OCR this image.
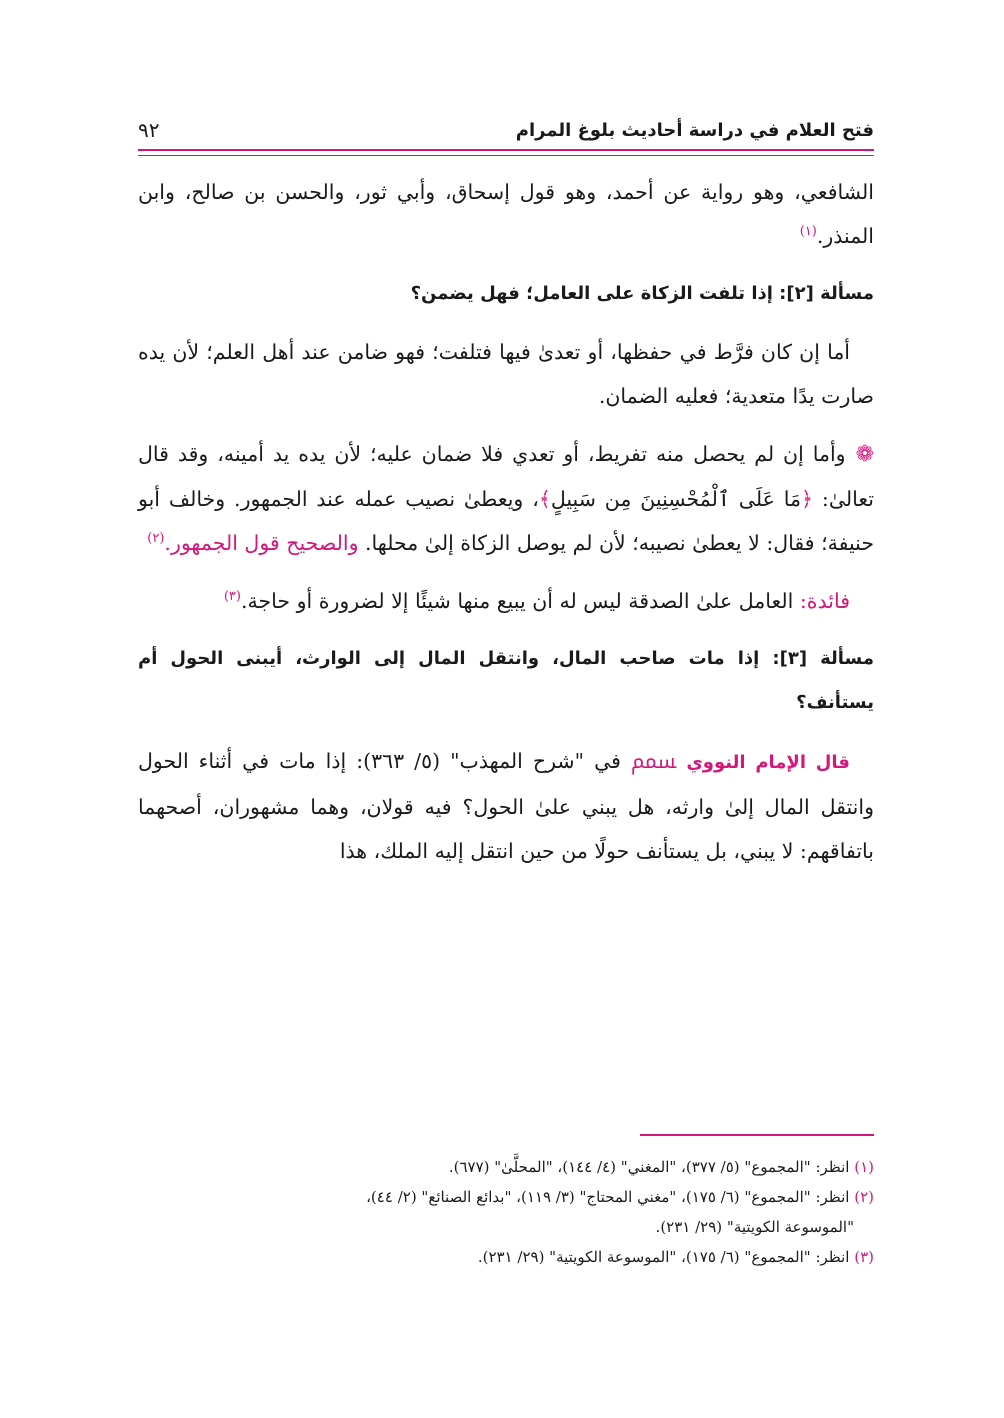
فتح العلام في دراسة أحاديث بلوغ المرام
٩٢

الشافعي، وهو رواية عن أحمد، وهو قول إسحاق، وأبي ثور، والحسن بن صالح، وابن المنذر.$^{(١)}$

مسألة [٢]: إذا تلفت الزكاة على العامل؛ فهل يضمن؟

أما إن كان فرَّط في حفظها، أو تعدىٰ فيها فتلفت؛ فهو ضامن عند أهل العلم؛ لأن يده صارت يدًا متعدية؛ فعليه الضمان.

❁وأما إن لم يحصل منه تفريط، أو تعدي فلا ضمان عليه؛ لأن يده يد أمينه، وقد قال تعالىٰ: ﴿مَا عَلَى ٱلْمُحْسِنِينَ مِن سَبِيلٍ﴾، ويعطىٰ نصيب عمله عند الجمهور. وخالف أبو حنيفة؛ فقال: لا يعطىٰ نصيبه؛ لأن لم يوصل الزكاة إلىٰ محلها. والصحيح قول الجمهور.$^{(٢)}$

فائدة: العامل علىٰ الصدقة ليس له أن يبيع منها شيئًا إلا لضرورة أو حاجة.$^{(٣)}$

مسألة [٣]: إذا مات صاحب المال، وانتقل المال إلى الوارث، أيبنى الحول أم يستأنف؟

قال الإمام النووي ﵢ في "شرح المهذب" (٥/ ٣٦٣): إذا مات في أثناء الحول وانتقل المال إلىٰ وارثه، هل يبني علىٰ الحول؟ فيه قولان، وهما مشهوران، أصحهما باتفاقهم: لا يبني، بل يستأنف حولًا من حين انتقل إليه الملك، هذا

(١) انظر: "المجموع" (٥/ ٣٧٧)، "المغني" (٤/ ١٤٤)، "المحلَّىٰ" (٦٧٧).

(٢) انظر: "المجموع" (٦/ ١٧٥)، "مغني المحتاج" (٣/ ١١٩)، "بدائع الصنائع" (٢/ ٤٤)،

"الموسوعة الكويتية" (٢٩/ ٢٣١).

(٣) انظر: "المجموع" (٦/ ١٧٥)، "الموسوعة الكويتية" (٢٩/ ٢٣١).
